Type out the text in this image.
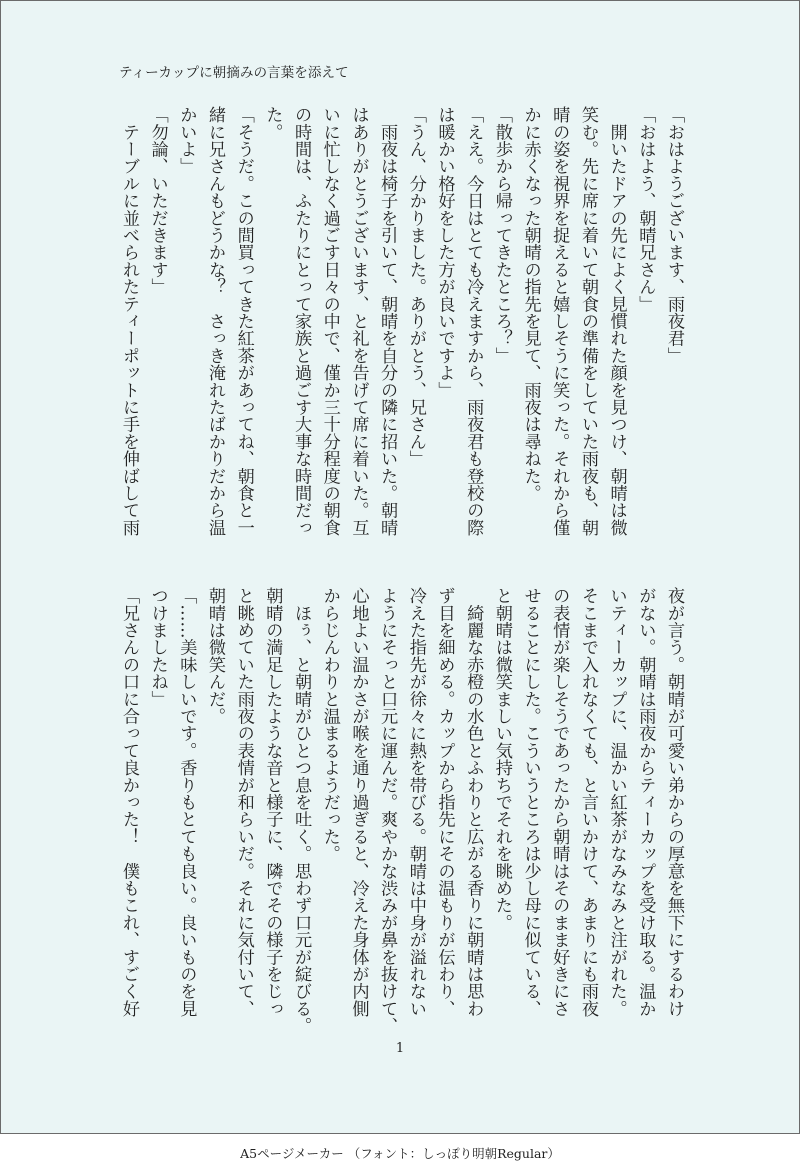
ティーカップに朝摘みの言葉を添えて
「おはようございます、雨夜君」
「おはよう、朝晴兄さん」
　開いたドアの先によく見慣れた顔を見つけ、朝晴は微
笑む。先に席に着いて朝食の準備をしていた雨夜も、朝
晴の姿を視界を捉えると嬉しそうに笑った。それから僅
かに赤くなった朝晴の指先を見て、雨夜は尋ねた。
「散歩から帰ってきたところ？」
「ええ。今日はとても冷えますから、雨夜君も登校の際
は暖かい格好をした方が良いですよ」
「うん、分かりました。ありがとう、兄さん」
　雨夜は椅子を引いて、朝晴を自分の隣に招いた。朝晴
はありがとうございます、と礼を告げて席に着いた。互
いに忙しなく過ごす日々の中で、僅か三十分程度の朝食
の時間は、ふたりにとって家族と過ごす大事な時間だっ
た。
「そうだ。この間買ってきた紅茶があってね、朝食と一
緒に兄さんもどうかな？　さっき淹れたばかりだから温
かいよ」
「勿論、いただきます」
　テーブルに並べられたティーポットに手を伸ばして雨
夜が言う。朝晴が可愛い弟からの厚意を無下にするわけ
がない。朝晴は雨夜からティーカップを受け取る。温か
いティーカップに、温かい紅茶がなみなみと注がれた。
そこまで入れなくても、と言いかけて、あまりにも雨夜
の表情が楽しそうであったから朝晴はそのまま好きにさ
せることにした。こういうところは少し母に似ている、
と朝晴は微笑ましい気持ちでそれを眺めた。
　綺麗な赤橙の水色とふわりと広がる香りに朝晴は思わ
ず目を細める。カップから指先にその温もりが伝わり、
冷えた指先が徐々に熱を帯びる。朝晴は中身が溢れない
ようにそっと口元に運んだ。爽やかな渋みが鼻を抜けて、
心地よい温かさが喉を通り過ぎると、冷えた身体が内側
からじんわりと温まるようだった。
　ほぅ、と朝晴がひとつ息を吐く。思わず口元が綻びる。
朝晴の満足したような音と様子に、隣でその様子をじっ
と眺めていた雨夜の表情が和らいだ。それに気付いて、
朝晴は微笑んだ。
「……美味しいです。香りもとても良い。良いものを見
つけましたね」
「兄さんの口に合って良かった！　僕もこれ、すごく好
1
A5ページメーカー （フォント：しっぽり明朝Regular）
